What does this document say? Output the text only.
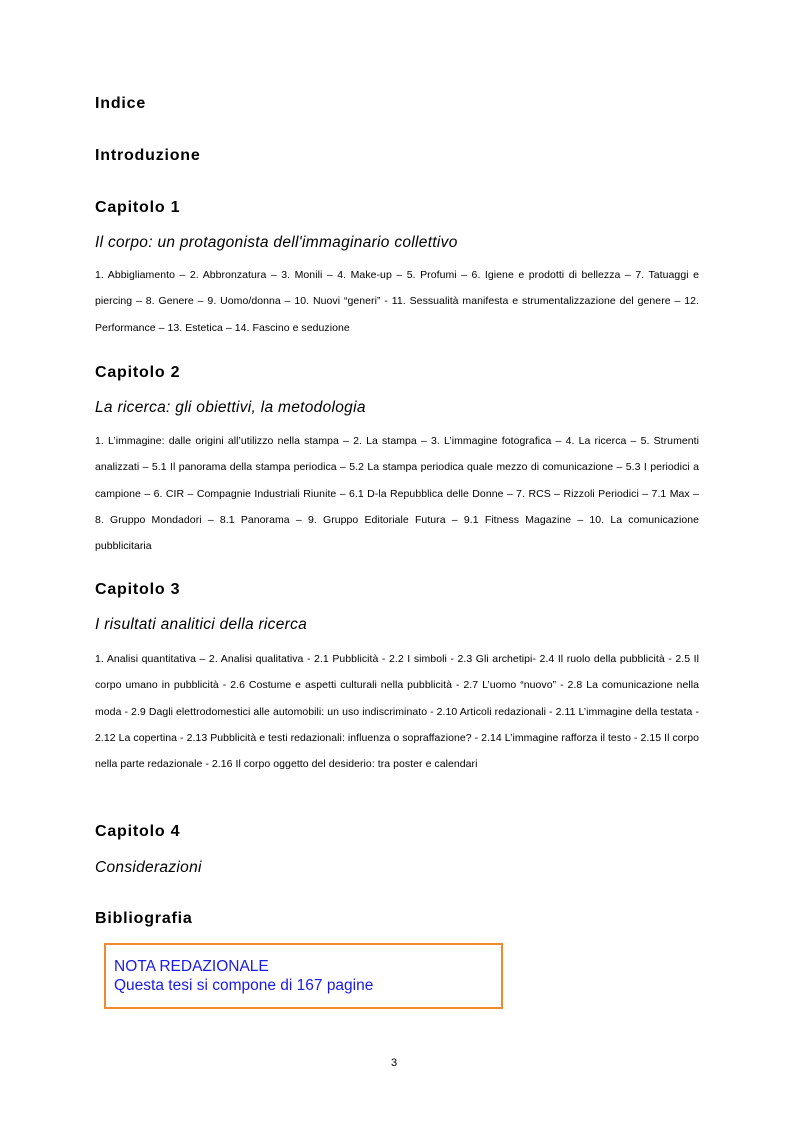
Indice
Introduzione
Capitolo 1
Il corpo: un protagonista dell'immaginario collettivo

1. Abbigliamento – 2. Abbronzatura – 3. Monili – 4. Make-up – 5. Profumi – 6. Igiene e prodotti di bellezza – 7. Tatuaggi e piercing – 8. Genere – 9. Uomo/donna – 10. Nuovi “generi” - 11. Sessualità manifesta e strumentalizzazione del genere – 12. Performance – 13. Estetica – 14. Fascino e seduzione

Capitolo 2
La ricerca: gli obiettivi, la metodologia

1. L’immagine: dalle origini all’utilizzo nella stampa – 2. La stampa – 3. L’immagine fotografica – 4. La ricerca – 5. Strumenti analizzati – 5.1 Il panorama della stampa periodica – 5.2 La stampa periodica quale mezzo di comunicazione – 5.3 I periodici a campione – 6. CIR – Compagnie Industriali Riunite – 6.1 D-la Repubblica delle Donne – 7. RCS – Rizzoli Periodici – 7.1 Max – 8. Gruppo Mondadori – 8.1 Panorama – 9. Gruppo Editoriale Futura – 9.1 Fitness Magazine – 10. La comunicazione pubblicitaria

Capitolo 3
I risultati analitici della ricerca

1. Analisi quantitativa – 2. Analisi qualitativa - 2.1 Pubblicità - 2.2 I simboli - 2.3 Gli archetipi- 2.4 Il ruolo della pubblicità - 2.5 Il corpo umano in pubblicità - 2.6 Costume e aspetti culturali nella pubblicità - 2.7 L’uomo “nuovo” - 2.8 La comunicazione nella moda - 2.9 Dagli elettrodomestici alle automobili: un uso indiscriminato - 2.10 Articoli redazionali - 2.11 L’immagine della testata - 2.12 La copertina - 2.13 Pubblicità e testi redazionali: influenza o sopraffazione? - 2.14 L’immagine rafforza il testo - 2.15 Il corpo nella parte redazionale - 2.16 Il corpo oggetto del desiderio: tra poster e calendari

Capitolo 4
Considerazioni
Bibliografia
NOTA REDAZIONALE
Questa tesi si compone di 167 pagine
3
